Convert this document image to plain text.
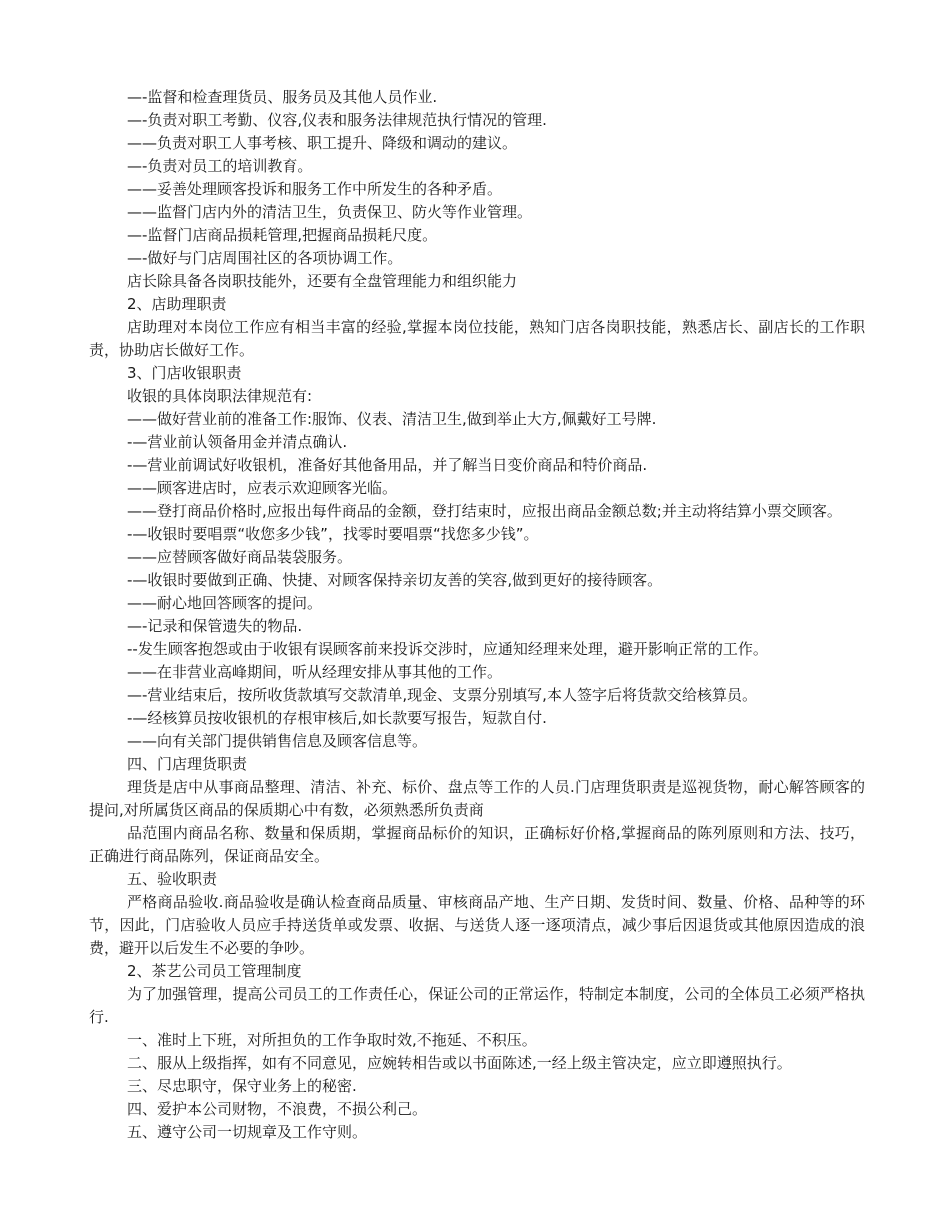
—-监督和检查理货员、服务员及其他人员作业.

—-负责对职工考勤、仪容,仪表和服务法律规范执行情况的管理.

——负责对职工人事考核、职工提升、降级和调动的建议。

—-负责对员工的培训教育。

——妥善处理顾客投诉和服务工作中所发生的各种矛盾。

——监督门店内外的清洁卫生，负责保卫、防火等作业管理。

—-监督门店商品损耗管理,把握商品损耗尺度。

—-做好与门店周围社区的各项协调工作。

店长除具备各岗职技能外，还要有全盘管理能力和组织能力

2、店助理职责

店助理对本岗位工作应有相当丰富的经验,掌握本岗位技能，熟知门店各岗职技能，熟悉店长、副店长的工作职责，协助店长做好工作。

3、门店收银职责

收银的具体岗职法律规范有:

——做好营业前的准备工作:服饰、仪表、清洁卫生,做到举止大方,佩戴好工号牌.

-—营业前认领备用金并清点确认.

-—营业前调试好收银机，准备好其他备用品，并了解当日变价商品和特价商品.

——顾客进店时，应表示欢迎顾客光临。

——登打商品价格时,应报出每件商品的金额，登打结束时，应报出商品金额总数;并主动将结算小票交顾客。

-—收银时要唱票“收您多少钱”，找零时要唱票“找您多少钱”。

——应替顾客做好商品装袋服务。

-—收银时要做到正确、快捷、对顾客保持亲切友善的笑容,做到更好的接待顾客。

——耐心地回答顾客的提问。

—-记录和保管遗失的物品.

--发生顾客抱怨或由于收银有误顾客前来投诉交涉时，应通知经理来处理，避开影响正常的工作。

——在非营业高峰期间，听从经理安排从事其他的工作。

—-营业结束后，按所收货款填写交款清单,现金、支票分别填写,本人签字后将货款交给核算员。

-—经核算员按收银机的存根审核后,如长款要写报告，短款自付.

——向有关部门提供销售信息及顾客信息等。

四、门店理货职责

理货是店中从事商品整理、清洁、补充、标价、盘点等工作的人员.门店理货职责是巡视货物，耐心解答顾客的提问,对所属货区商品的保质期心中有数，必须熟悉所负责商

品范围内商品名称、数量和保质期，掌握商品标价的知识，正确标好价格,掌握商品的陈列原则和方法、技巧，正确进行商品陈列，保证商品安全。

五、验收职责

严格商品验收.商品验收是确认检查商品质量、审核商品产地、生产日期、发货时间、数量、价格、品种等的环节，因此，门店验收人员应手持送货单或发票、收据、与送货人逐一逐项清点，减少事后因退货或其他原因造成的浪费，避开以后发生不必要的争吵。

2、茶艺公司员工管理制度

为了加强管理，提高公司员工的工作责任心，保证公司的正常运作，特制定本制度，公司的全体员工必须严格执行.

一、准时上下班，对所担负的工作争取时效,不拖延、不积压。

二、服从上级指挥，如有不同意见，应婉转相告或以书面陈述,一经上级主管决定，应立即遵照执行。

三、尽忠职守，保守业务上的秘密.

四、爱护本公司财物，不浪费，不损公利己。

五、遵守公司一切规章及工作守则。
